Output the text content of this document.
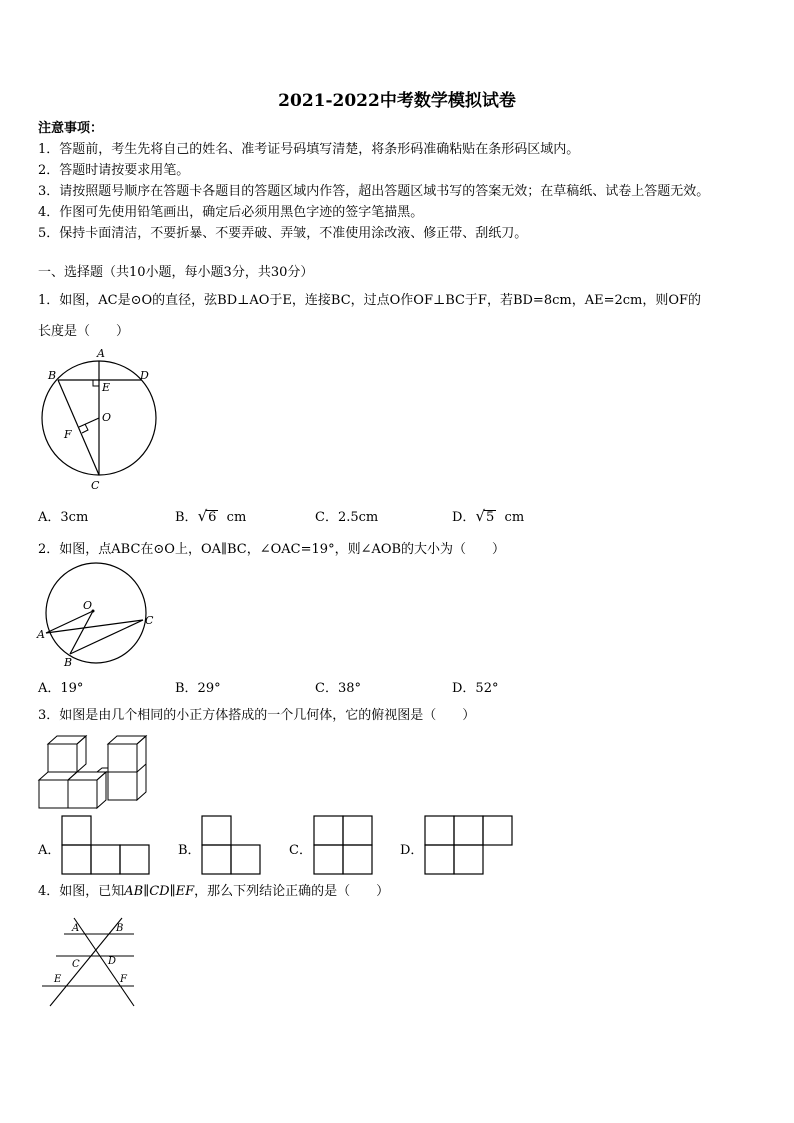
2021-2022中考数学模拟试卷
注意事项：
1．答题前，考生先将自己的姓名、准考证号码填写清楚，将条形码准确粘贴在条形码区域内。
2．答题时请按要求用笔。
3．请按照题号顺序在答题卡各题目的答题区域内作答，超出答题区域书写的答案无效；在草稿纸、试卷上答题无效。
4．作图可先使用铅笔画出，确定后必须用黑色字迹的签字笔描黑。
5．保持卡面清洁，不要折暴、不要弄破、弄皱，不准使用涂改液、修正带、刮纸刀。
一、选择题（共10小题，每小题3分，共30分）
1．如图，AC是⊙O的直径，弦BD⊥AO于E，连接BC，过点O作OF⊥BC于F，若BD=8cm，AE=2cm，则OF的
长度是（　　）
A
B	D
E
O
F
C
A．3cm	B．√6 cm	C．2.5cm	D．√5 cm
2．如图，点ABC在⊙O上，OA∥BC，∠OAC=19°，则∠AOB的大小为（　　）
O
A
B
C
A．19°	B．29°	C．38°	D．52°
3．如图是由几个相同的小正方体搭成的一个几何体，它的俯视图是（　　）
A．	B．	C．	D．
4．如图，已知AB∥CD∥EF，那么下列结论正确的是（　　）
A	B
C	D
E	F
